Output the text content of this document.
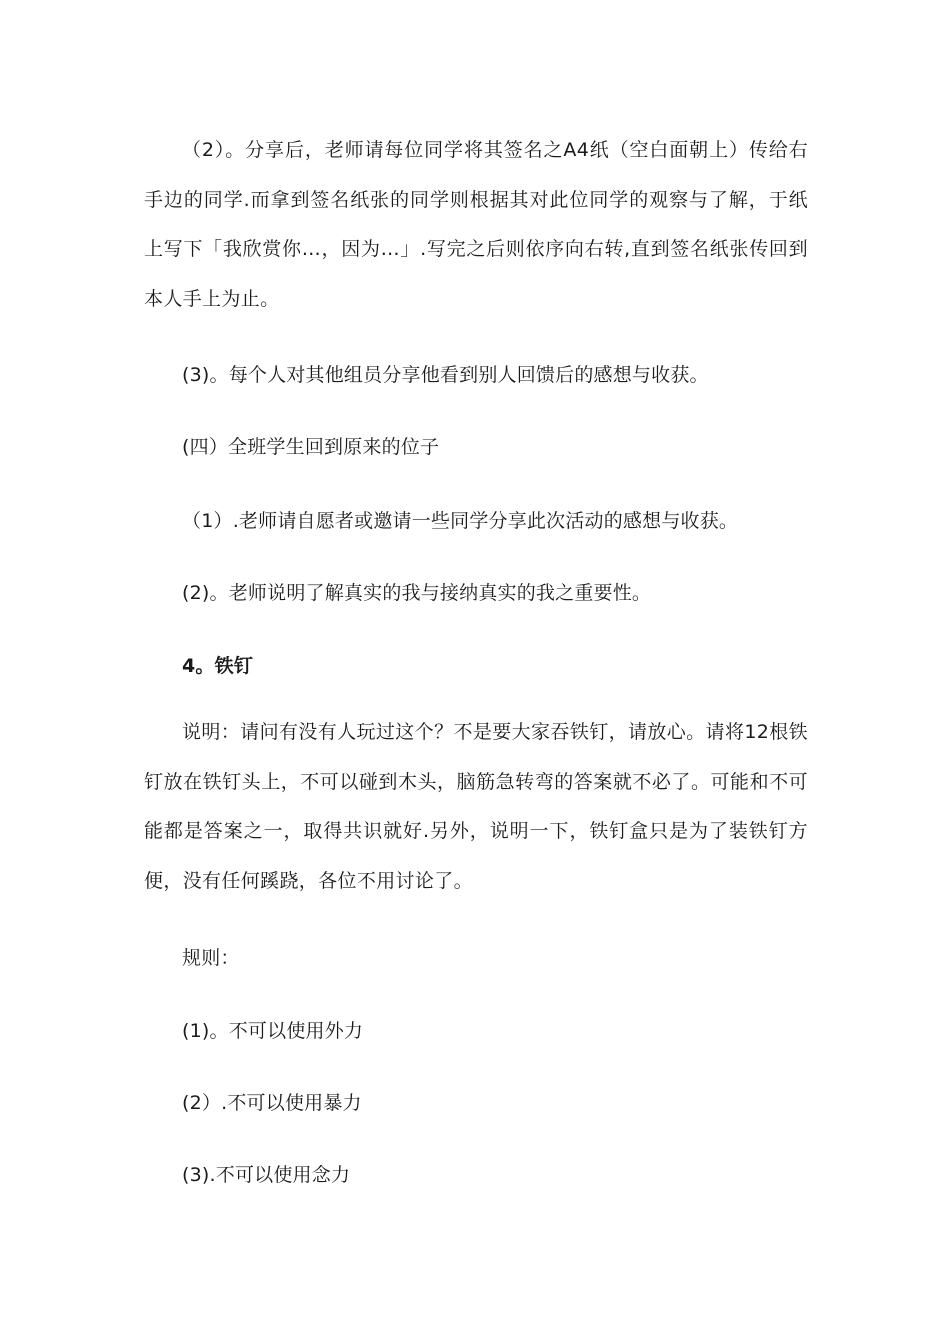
（2）。分享后，老师请每位同学将其签名之A4纸（空白面朝上）传给右手边的同学.而拿到签名纸张的同学则根据其对此位同学的观察与了解，于纸上写下「我欣赏你…，因为…」.写完之后则依序向右转,直到签名纸张传回到本人手上为止。

(3)。每个人对其他组员分享他看到别人回馈后的感想与收获。

(四）全班学生回到原来的位子

（1）.老师请自愿者或邀请一些同学分享此次活动的感想与收获。

(2)。老师说明了解真实的我与接纳真实的我之重要性。

4。铁钉

说明：请问有没有人玩过这个？不是要大家吞铁钉，请放心。请将12根铁钉放在铁钉头上，不可以碰到木头，脑筋急转弯的答案就不必了。可能和不可能都是答案之一，取得共识就好.另外，说明一下，铁钉盒只是为了装铁钉方便，没有任何蹊跷，各位不用讨论了。

规则：

(1)。不可以使用外力

(2）.不可以使用暴力

(3).不可以使用念力
